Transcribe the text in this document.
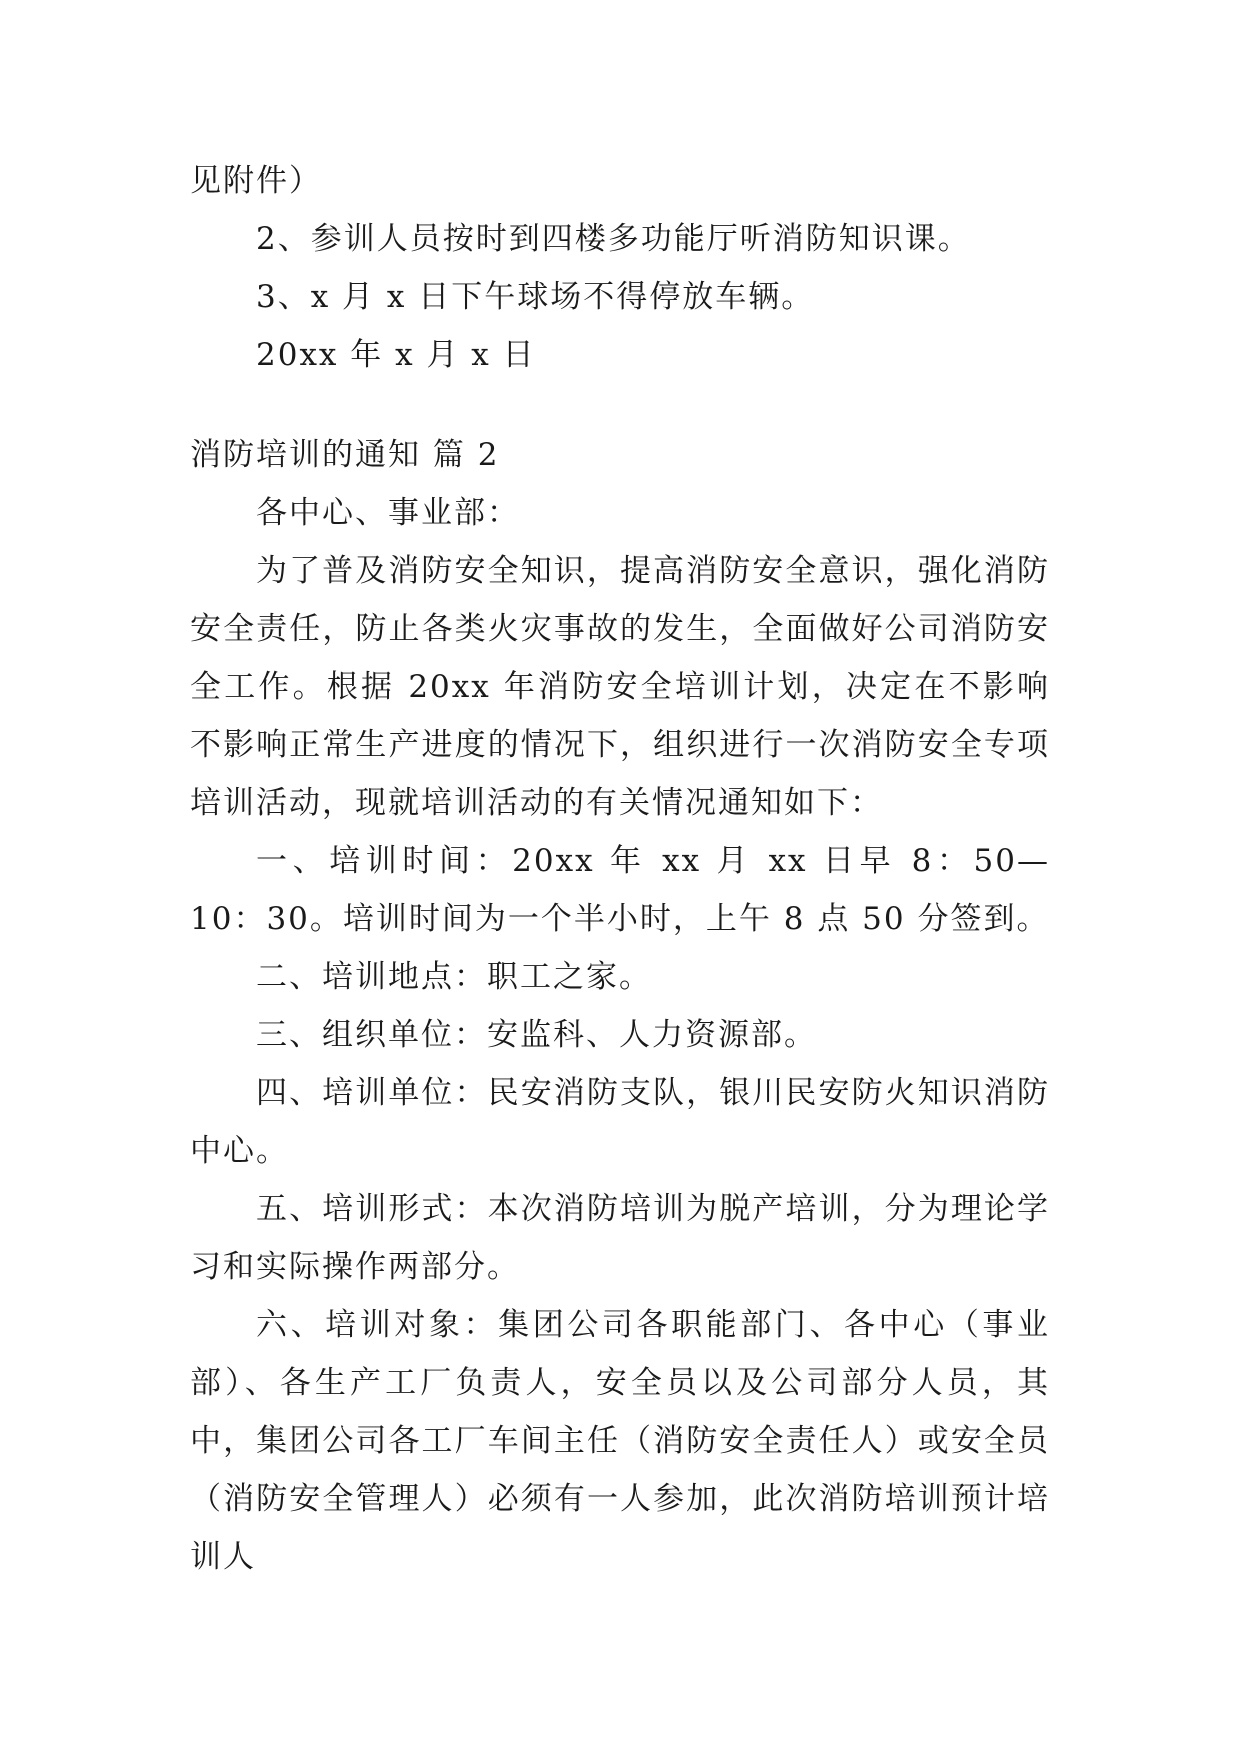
见附件）

2、参训人员按时到四楼多功能厅听消防知识课。

3、x 月 x 日下午球场不得停放车辆。

20xx 年 x 月 x 日

消防培训的通知 篇 2

各中心、事业部：

为了普及消防安全知识，提高消防安全意识，强化消防安全责任，防止各类火灾事故的发生，全面做好公司消防安全工作。根据 20xx 年消防安全培训计划，决定在不影响不影响正常生产进度的情况下，组织进行一次消防安全专项培训活动，现就培训活动的有关情况通知如下：

一、培训时间：20xx 年 xx 月 xx 日早 8：50—10：30。培训时间为一个半小时，上午 8 点 50 分签到。

二、培训地点：职工之家。

三、组织单位：安监科、人力资源部。

四、培训单位：民安消防支队，银川民安防火知识消防中心。

五、培训形式：本次消防培训为脱产培训，分为理论学习和实际操作两部分。

六、培训对象：集团公司各职能部门、各中心（事业部）、各生产工厂负责人，安全员以及公司部分人员，其中，集团公司各工厂车间主任（消防安全责任人）或安全员（消防安全管理人）必须有一人参加，此次消防培训预计培训人
